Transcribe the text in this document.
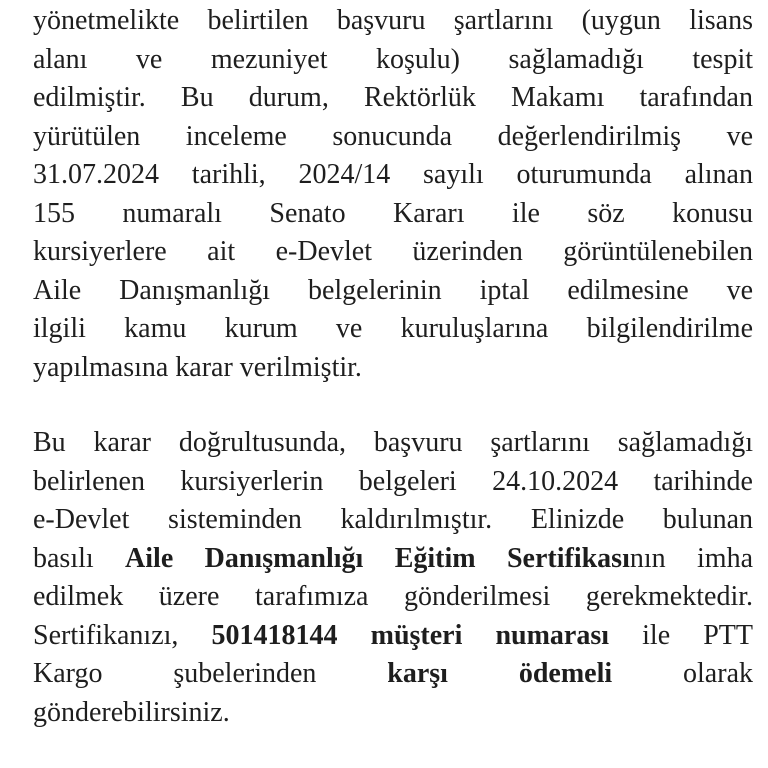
yönetmelikte belirtilen başvuru şartlarını (uygun lisans
alanı ve mezuniyet koşulu) sağlamadığı tespit
edilmiştir. Bu durum, Rektörlük Makamı tarafından
yürütülen inceleme sonucunda değerlendirilmiş ve
31.07.2024 tarihli, 2024/14 sayılı oturumunda alınan
155 numaralı Senato Kararı ile söz konusu
kursiyerlere ait e-Devlet üzerinden görüntülenebilen
Aile Danışmanlığı belgelerinin iptal edilmesine ve
ilgili kamu kurum ve kuruluşlarına bilgilendirilme
yapılmasına karar verilmiştir.

Bu karar doğrultusunda, başvuru şartlarını sağlamadığı
belirlenen kursiyerlerin belgeleri 24.10.2024 tarihinde
e-Devlet sisteminden kaldırılmıştır. Elinizde bulunan
basılı Aile Danışmanlığı Eğitim Sertifikasının imha
edilmek üzere tarafımıza gönderilmesi gerekmektedir.
Sertifikanızı, 501418144 müşteri numarası ile PTT
Kargo şubelerinden karşı ödemeli olarak
gönderebilirsiniz.
